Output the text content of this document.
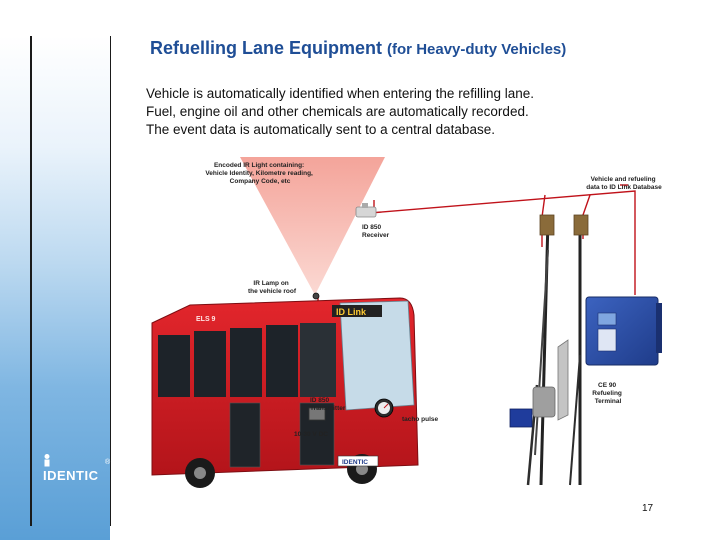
IDENTIC
®
Refuelling Lane Equipment (for Heavy-duty Vehicles)
Vehicle is automatically identified when entering the refilling lane.
Fuel, engine oil and other chemicals are automatically recorded.
The event data is automatically sent to a central database.
ID Link
IDENTIC
ELS 9
Encoded IR Light containing: Vehicle Identity, Kilometre reading, Company Code, etc	Vehicle and refueling data to ID Link Database
ID 850 Receiver
IR Lamp on the vehicle roof
ID 850 Transmitter
10-30 V DC
tacho pulse
CE 90 Refueling Terminal
17
